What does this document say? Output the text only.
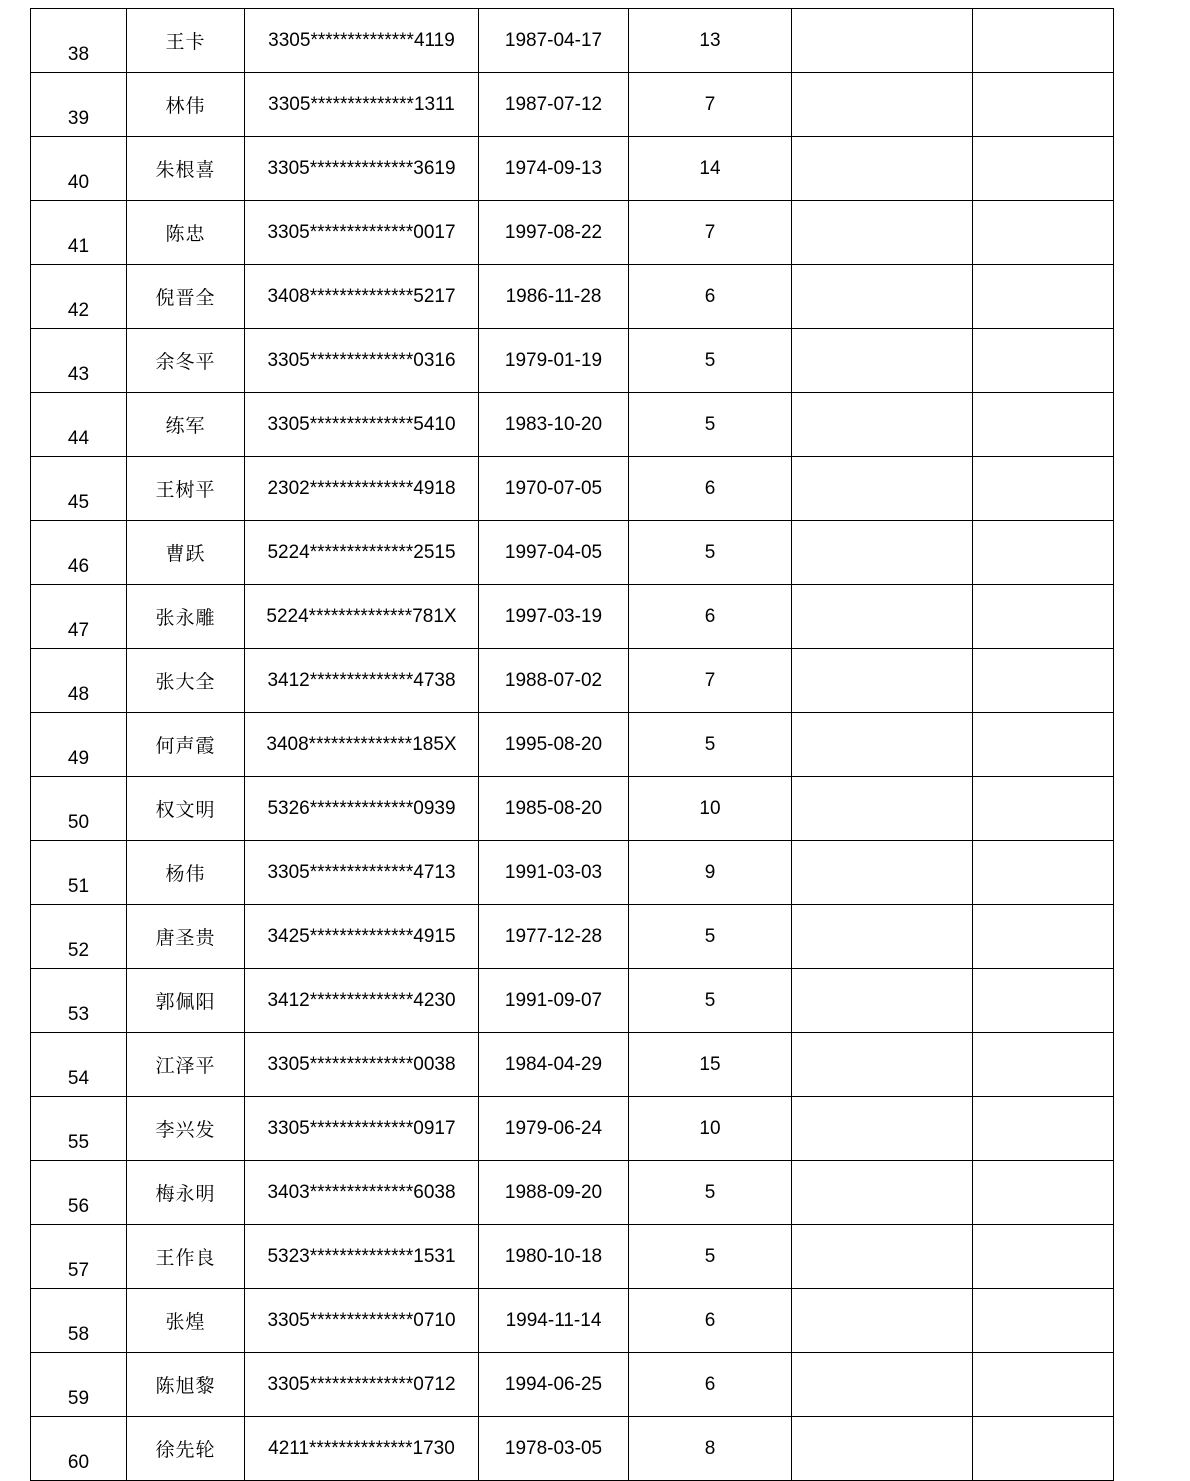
38	王卡	3305**************4119	1987-04-17	13		
39	林伟	3305**************1311	1987-07-12	7		
40	朱根喜	3305**************3619	1974-09-13	14		
41	陈忠	3305**************0017	1997-08-22	7		
42	倪晋全	3408**************5217	1986-11-28	6		
43	余冬平	3305**************0316	1979-01-19	5		
44	练军	3305**************5410	1983-10-20	5		
45	王树平	2302**************4918	1970-07-05	6		
46	曹跃	5224**************2515	1997-04-05	5		
47	张永雕	5224**************781X	1997-03-19	6		
48	张大全	3412**************4738	1988-07-02	7		
49	何声霞	3408**************185X	1995-08-20	5		
50	权文明	5326**************0939	1985-08-20	10		
51	杨伟	3305**************4713	1991-03-03	9		
52	唐圣贵	3425**************4915	1977-12-28	5		
53	郭佩阳	3412**************4230	1991-09-07	5		
54	江泽平	3305**************0038	1984-04-29	15		
55	李兴发	3305**************0917	1979-06-24	10		
56	梅永明	3403**************6038	1988-09-20	5		
57	王作良	5323**************1531	1980-10-18	5		
58	张煌	3305**************0710	1994-11-14	6		
59	陈旭黎	3305**************0712	1994-06-25	6		
60	徐先轮	4211**************1730	1978-03-05	8		
